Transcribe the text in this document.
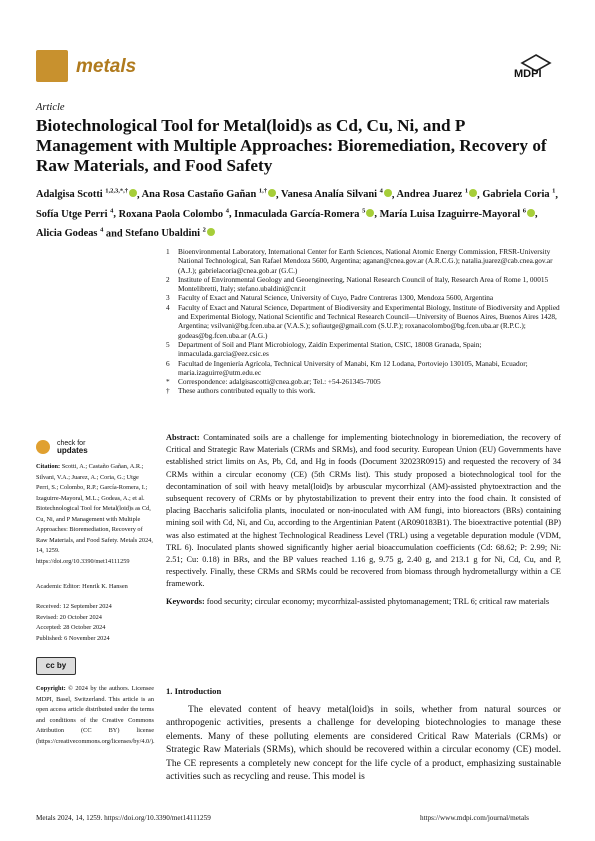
metals	MDPI
Article
Biotechnological Tool for Metal(loid)s as Cd, Cu, Ni, and P Management with Multiple Approaches: Bioremediation, Recovery of Raw Materials, and Food Safety
Adalgisa Scotti $^{1,2,3,*,\dagger}$ , Ana Rosa Castaño Gañan $^{1,\dagger}$ , Vanesa Analía Silvani $^4$ , Andrea Juarez $^1$ , Gabriela Coria $^1$, Sofía Utge Perri $^4$, Roxana Paola Colombo $^4$, Inmaculada García-Romera $^5$ , María Luisa Izaguirre-Mayoral $^6$ , Alicia Godeas $^4$ and Stefano Ubaldini $^2$
1	Bioenvironmental Laboratory, International Center for Earth Sciences, National Atomic Energy Commission, FRSR-University National Technological, San Rafael Mendoza 5600, Argentina; aganan@cnea.gov.ar (A.R.C.G.); natalia.juarez@cab.cnea.gov.ar (A.J.); gabrielacoria@cnea.gob.ar (G.C.)
2	Institute of Environmental Geology and Geoengineering, National Research Council of Italy, Research Area of Rome 1, 00015 Montelibretti, Italy; stefano.ubaldini@cnr.it
3	Faculty of Exact and Natural Science, University of Cuyo, Padre Contreras 1300, Mendoza 5600, Argentina
4	Faculty of Exact and Natural Science, Department of Biodiversity and Experimental Biology, Institute of Biodiversity and Applied and Experimental Biology, National Scientific and Technical Research Council—University of Buenos Aires, Buenos Aires 1428, Argentina; vsilvani@bg.fcen.uba.ar (V.A.S.); sofiautge@gmail.com (S.U.P.); roxanacolombo@bg.fcen.uba.ar (R.P.C.); godeas@bg.fcen.uba.ar (A.G.)
5	Department of Soil and Plant Microbiology, Zaidín Experimental Station, CSIC, 18008 Granada, Spain; inmaculada.garcia@eez.csic.es
6	Facultad de Ingeniería Agrícola, Technical University of Manabi, Km 12 Lodana, Portoviejo 130105, Manabi, Ecuador; maria.izaguirre@utm.edu.ec
*	Correspondence: adalgisascotti@cnea.gob.ar; Tel.: +54-261345-7005
†	These authors contributed equally to this work.
check for
updates
Citation: Scotti, A.; Castaño Gañan, A.R.; Silvani, V.A.; Juarez, A.; Coria, G.; Utge Perri, S.; Colombo, R.P.; García-Romera, I.; Izaguirre-Mayoral, M.L.; Godeas, A.; et al. Biotechnological Tool for Metal(loid)s as Cd, Cu, Ni, and P Management with Multiple Approaches: Bioremediation, Recovery of Raw Materials, and Food Safety. Metals 2024, 14, 1259. https://doi.org/10.3390/met14111259
Academic Editor: Henrik K. Hansen
Received: 12 September 2024
Revised: 20 October 2024
Accepted: 28 October 2024
Published: 6 November 2024
cc by
Copyright: © 2024 by the authors. Licensee MDPI, Basel, Switzerland. This article is an open access article distributed under the terms and conditions of the Creative Commons Attribution (CC BY) license (https://creativecommons.org/licenses/by/4.0/).

Abstract: Contaminated soils are a challenge for implementing biotechnology in bioremediation, the recovery of Critical and Strategic Raw Materials (CRMs and SRMs), and food security. European Union (EU) Governments have established strict limits on As, Pb, Cd, and Hg in foods (Document 32023R0915) and requested the recovery of 34 CRMs within a circular economy (CE) (5th CRMs list). This study proposed a biotechnological tool for the decontamination of soil with heavy metal(loid)s by arbuscular mycorrhizal (AM)-assisted phytoextraction and the subsequent recovery of CRMs or by phytostabilization to prevent their entry into the food chain. It consisted of placing Baccharis salicifolia plants, inoculated or non-inoculated with AM fungi, into bioreactors (BRs) containing mining soil with Cd, Ni, and Cu, according to the Argentinian Patent (AR090183B1). The bioextractive potential (BP) was also estimated at the highest Technological Readiness Level (TRL) using a vegetable depuration module (VDM, TRL 6). Inoculated plants showed significantly higher aerial bioaccumulation coefficients (Cd: 68.62; P: 2.99; Ni: 2.51; Cu: 0.18) in BRs, and the BP values reached 1.16 g, 9.75 g, 2.40 g, and 213.1 g for Ni, Cd, Cu, and P, respectively. Finally, these CRMs and SRMs could be recovered from biomass through hydrometallurgy within a CE framework.

Keywords: food security; circular economy; mycorrhizal-assisted phytomanagement; TRL 6; critical raw materials

1. Introduction

The elevated content of heavy metal(loid)s in soils, whether from natural sources or anthropogenic activities, presents a challenge for developing biotechnologies to manage these elements. Many of these polluting elements are considered Critical Raw Materials (CRMs) or Strategic Raw Materials (SRMs), which should be recovered within a circular economy (CE) model. The CE represents a completely new concept for the life cycle of a product, emphasizing sustainable activities such as recycling and reuse. This model is

Metals 2024, 14, 1259. https://doi.org/10.3390/met14111259	https://www.mdpi.com/journal/metals
